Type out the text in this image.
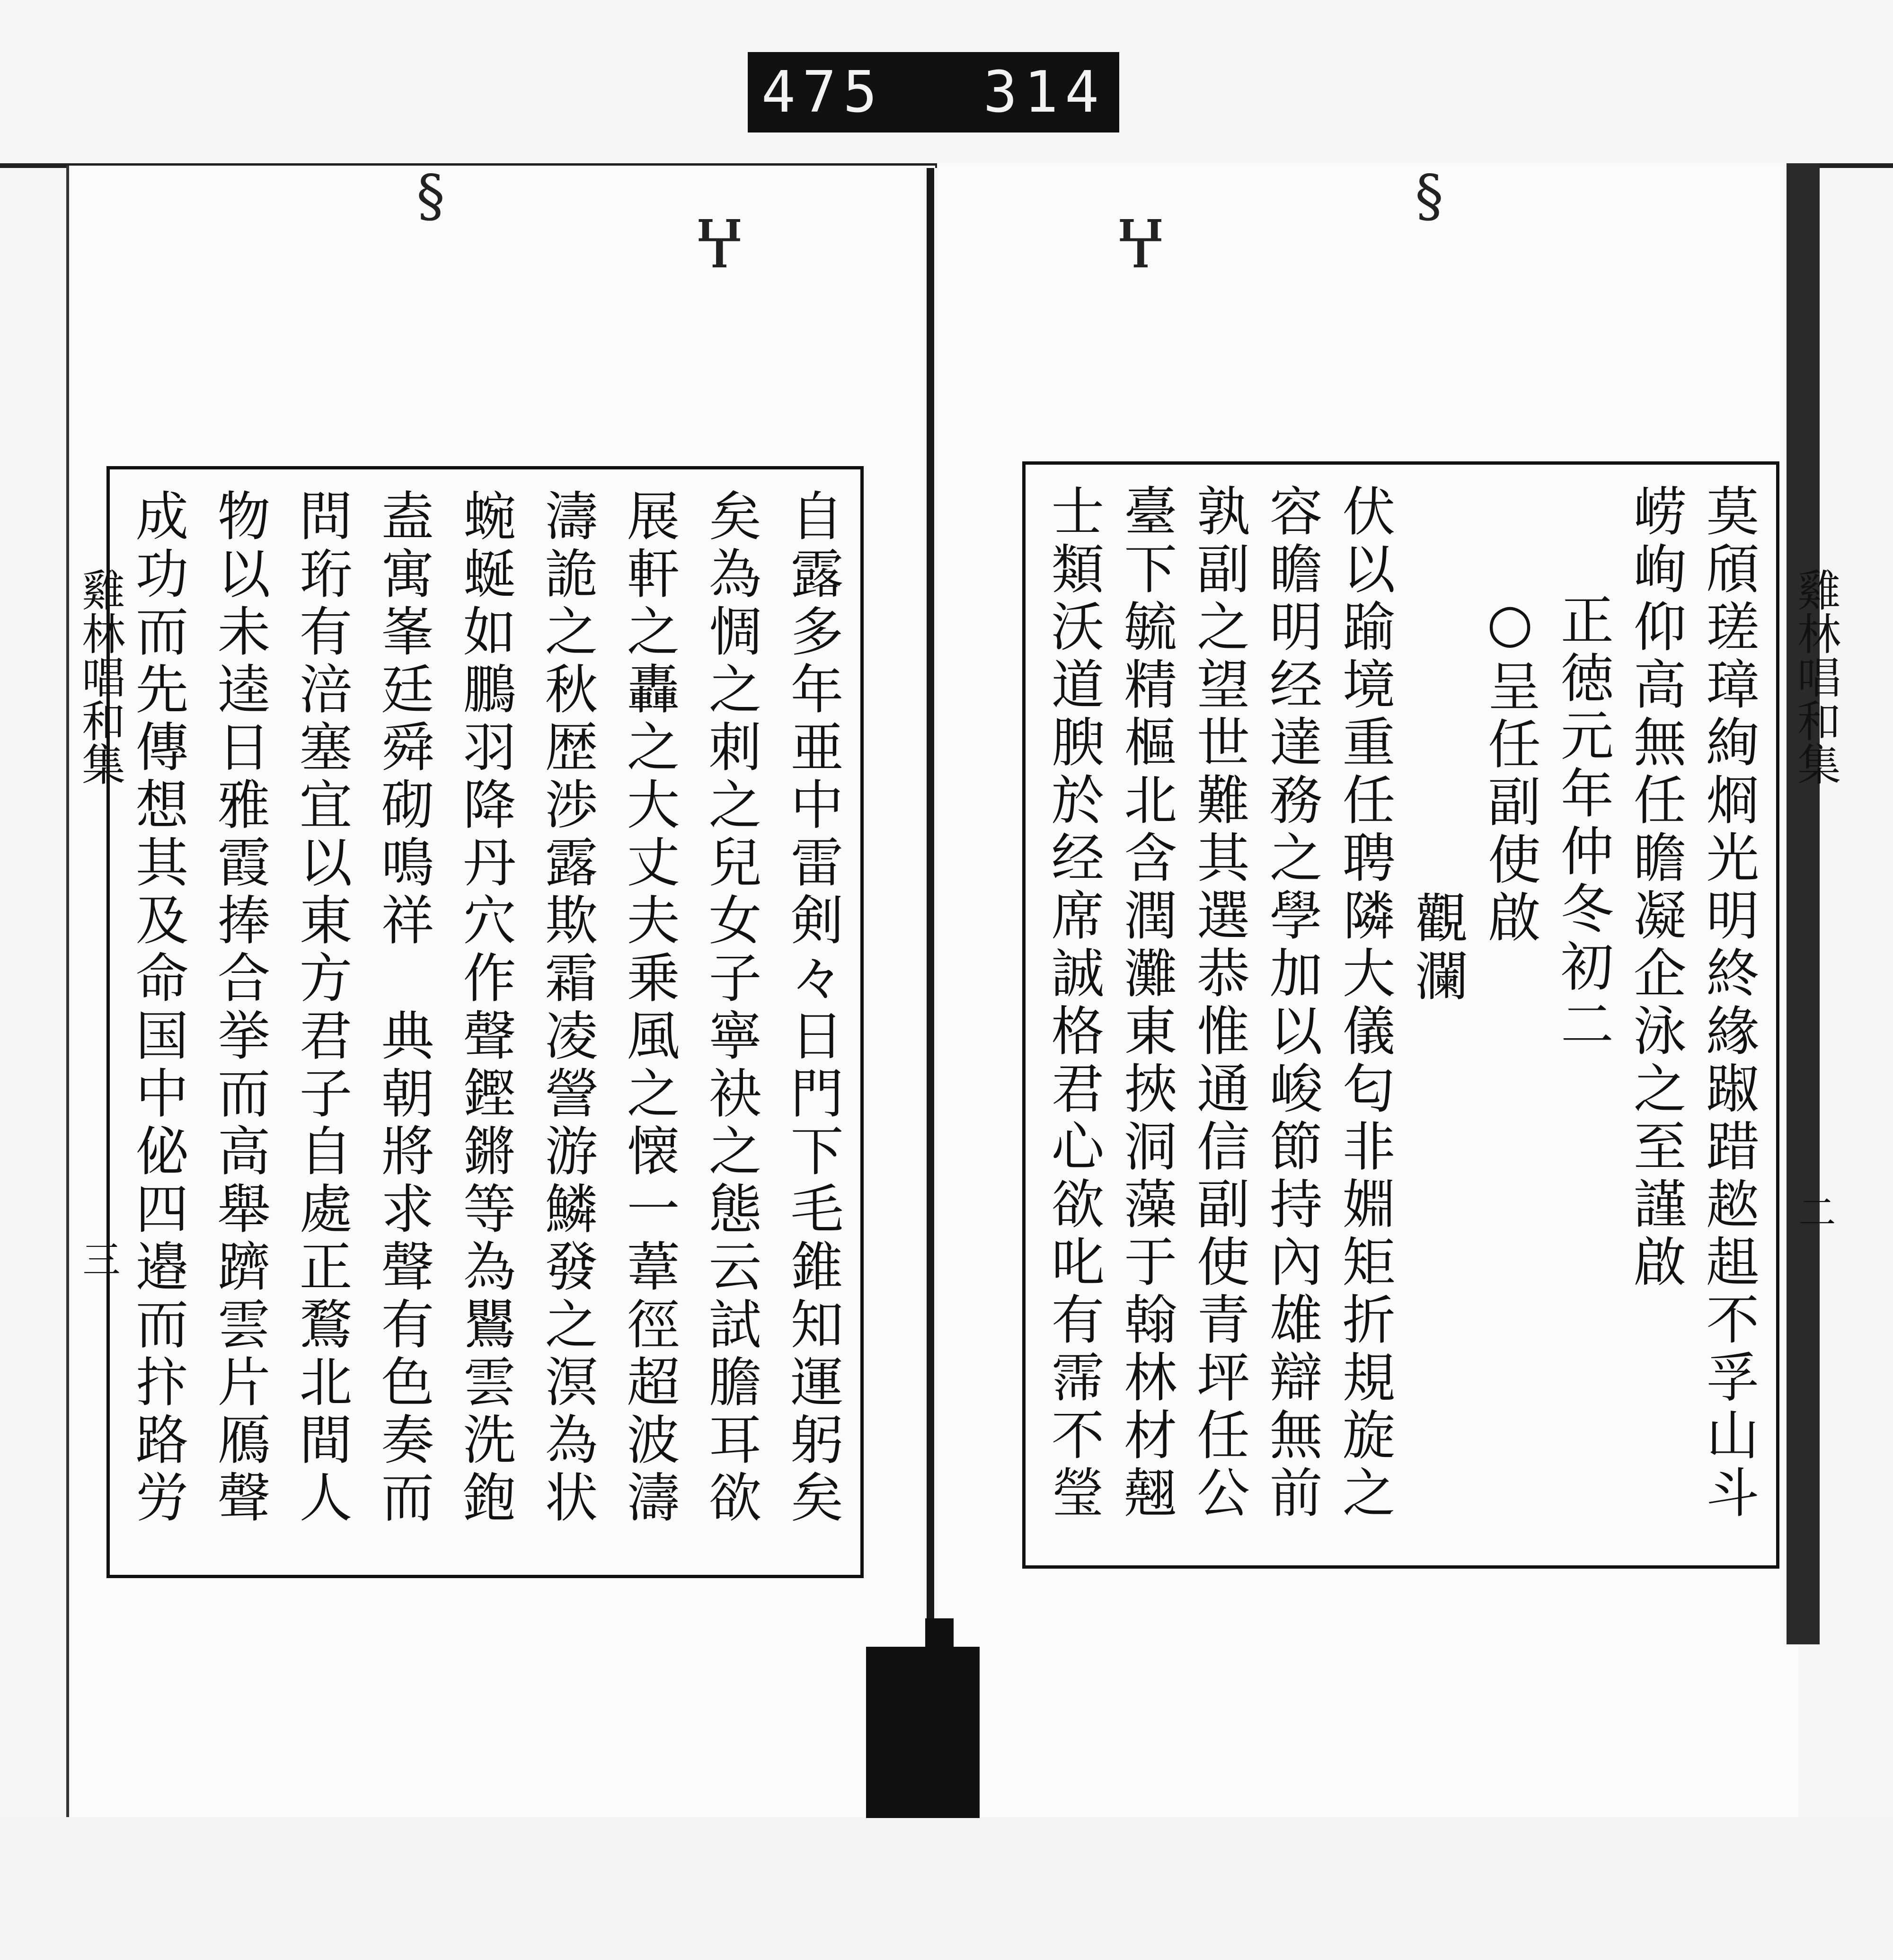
475 314
§
Ⴤ	Ⴤ
§
雞林唱和集
三
雞林唱和集
二
自露多年亜中雷剣々日門下毛錐知運躬矣
矣為惆之刺之兒女子寧袂之態云試膽耳欲
展軒之轟之大丈夫乗風之懐一葦徑超波濤
濤詭之秋歴渉露欺霜凌謍游鱗發之溟為状
蜿蜒如鵬羽降丹穴作聲鏗鏘等為鸎雲洗鉋
盍寓峯廷舜砌鳴祥　典朝將求聲有色奏而
問珩有涪塞宜以東方君子自處正鶩北間人
物以未逵日雅霞捧合挙而高舉躋雲片鴈聲
成功而先傳想其及命国中佖四邉而抃路労	莫頎瑳璋絢烱光明終緣踧踖趑趄不孚山斗
崂峋仰高無任瞻凝企泳之至謹啟
正徳元年仲冬初二
○呈任副使啟
觀瀾
伏以踰境重任聘隣大儀匂非婣矩折規旋之
容瞻明经達務之學加以峻節持內雄辯無前
孰副之望世難其選恭惟通信副使青坪任公
臺下毓精樞北含潤灘東挾洞藻于翰林材翹
士類沃道腴於经席誠格君心欲叱有霈不瑩
